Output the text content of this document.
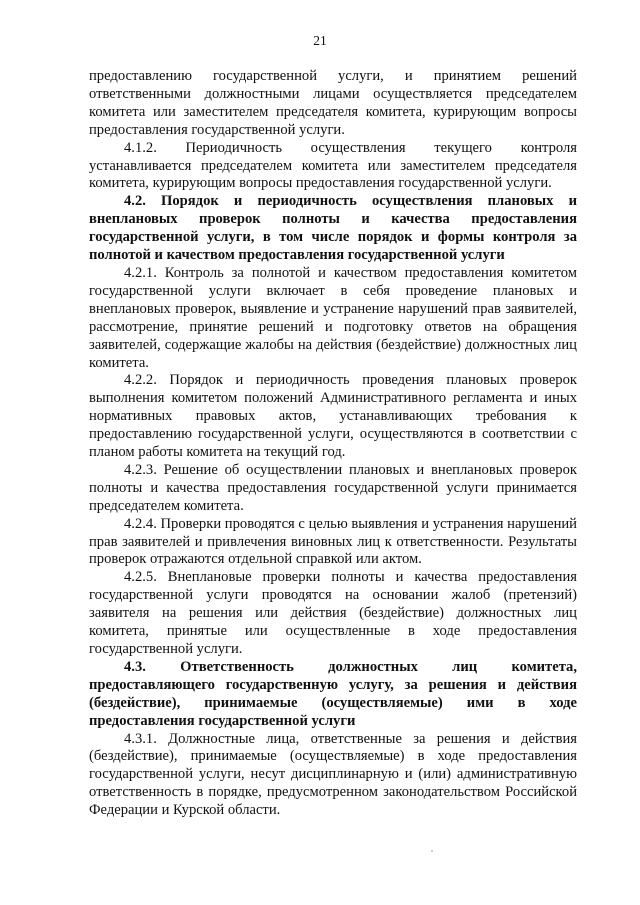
21

предоставлению государственной услуги, и принятием решений ответственными должностными лицами осуществляется председателем комитета или заместителем председателя комитета, курирующим вопросы предоставления государственной услуги.

4.1.2. Периодичность осуществления текущего контроля устанавливается председателем комитета или заместителем председателя комитета, курирующим вопросы предоставления государственной услуги.

4.2. Порядок и периодичность осуществления плановых и внеплановых проверок полноты и качества предоставления государственной услуги, в том числе порядок и формы контроля за полнотой и качеством предоставления государственной услуги

4.2.1. Контроль за полнотой и качеством предоставления комитетом государственной услуги включает в себя проведение плановых и внеплановых проверок, выявление и устранение нарушений прав заявителей, рассмотрение, принятие решений и подготовку ответов на обращения заявителей, содержащие жалобы на действия (бездействие) должностных лиц комитета.

4.2.2. Порядок и периодичность проведения плановых проверок выполнения комитетом положений Административного регламента и иных нормативных правовых актов, устанавливающих требования к предоставлению государственной услуги, осуществляются в соответствии с планом работы комитета на текущий год.

4.2.3. Решение об осуществлении плановых и внеплановых проверок полноты и качества предоставления государственной услуги принимается председателем комитета.

4.2.4. Проверки проводятся с целью выявления и устранения нарушений прав заявителей и привлечения виновных лиц к ответственности. Результаты проверок отражаются отдельной справкой или актом.

4.2.5. Внеплановые проверки полноты и качества предоставления государственной услуги проводятся на основании жалоб (претензий) заявителя на решения или действия (бездействие) должностных лиц комитета, принятые или осуществленные в ходе предоставления государственной услуги.

4.3. Ответственность должностных лиц комитета, предоставляющего государственную услугу, за решения и действия (бездействие), принимаемые (осуществляемые) ими в ходе предоставления государственной услуги

4.3.1. Должностные лица, ответственные за решения и действия (бездействие), принимаемые (осуществляемые) в ходе предоставления государственной услуги, несут дисциплинарную и (или) административную ответственность в порядке, предусмотренном законодательством Российской Федерации и Курской области.
